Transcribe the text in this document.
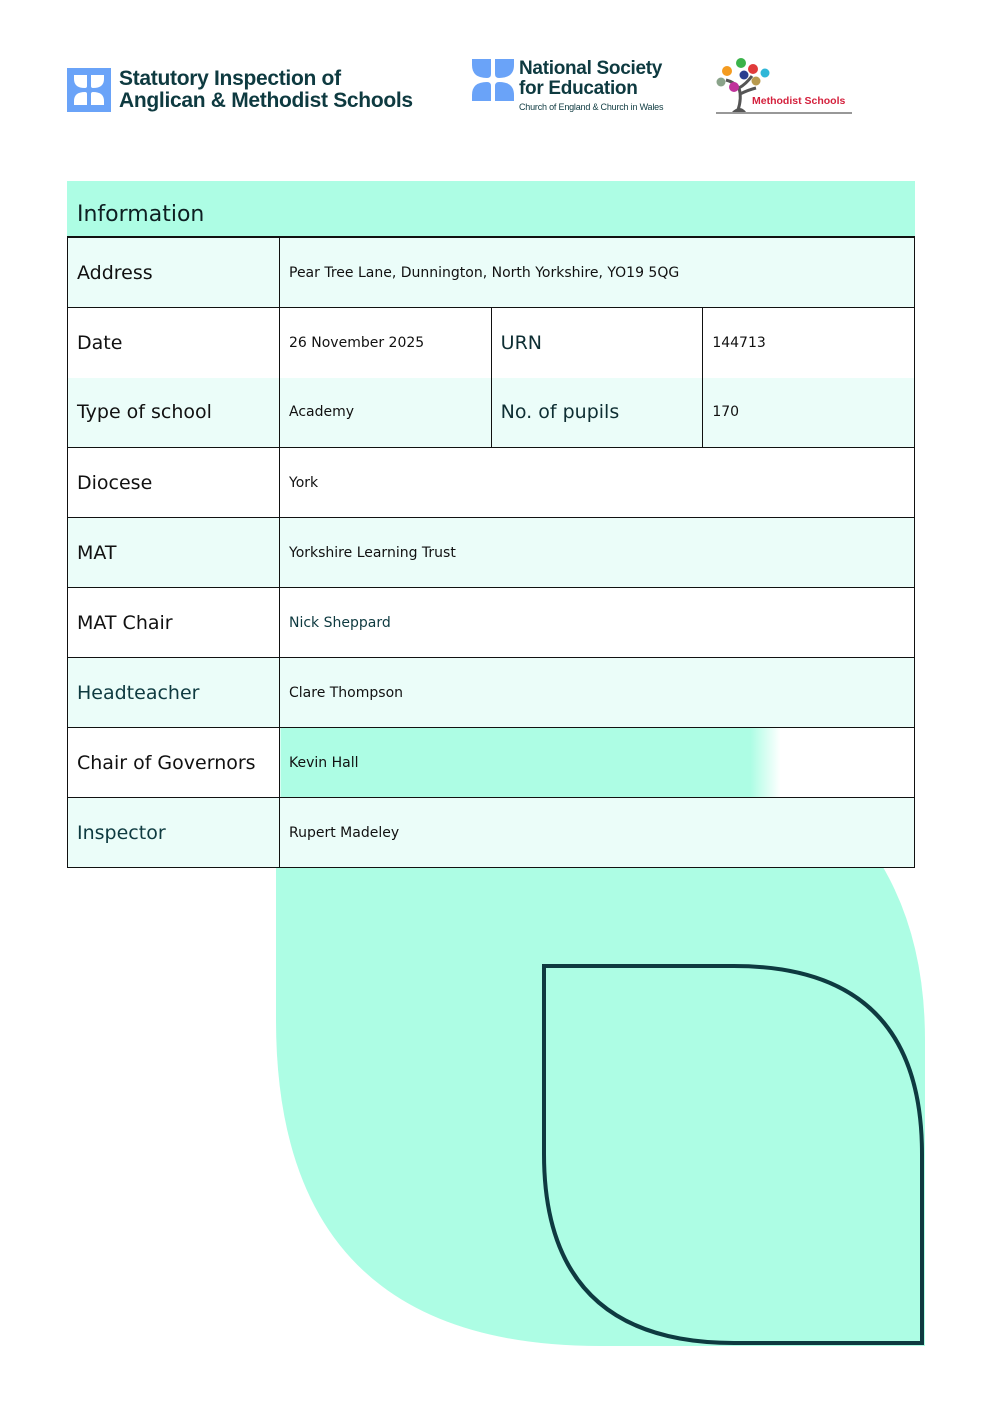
Statutory Inspection of
Anglican & Methodist Schools
National Society
for Education
Church of England & Church in Wales	Methodist Schools
Information
Address	Pear Tree Lane, Dunnington, North Yorkshire, YO19 5QG		
Date	26 November 2025	URN	144713
Type of school	Academy	No. of pupils	170
Diocese	York		
MAT	Yorkshire Learning Trust		
MAT Chair	Nick Sheppard		
Headteacher	Clare Thompson		
Chair of Governors	Kevin Hall		
Inspector	Rupert Madeley		
